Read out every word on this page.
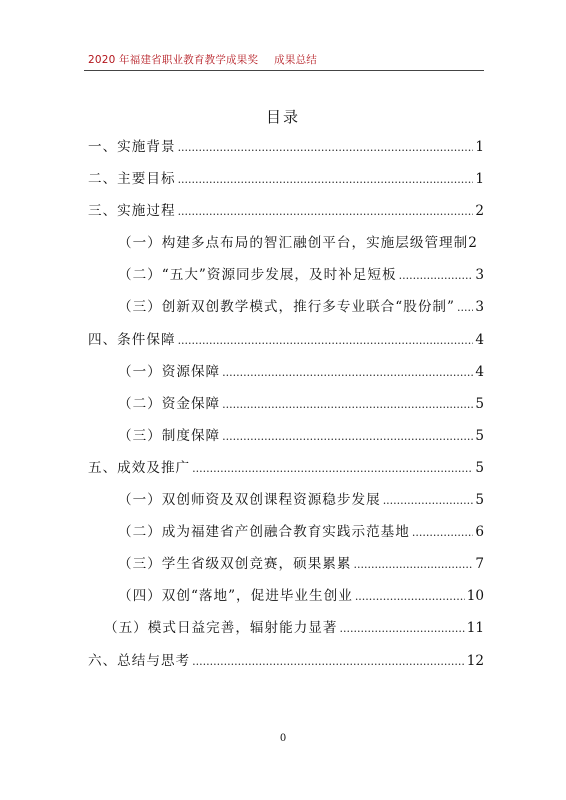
2020 年福建省职业教育教学成果奖 成果总结
目录
一、实施背景 .....	1
二、主要目标 .....	1
三、实施过程 .....	2
（一）构建多点布局的智汇融创平台，实施层级管理制 2
（二）“五大”资源同步发展，及时补足短板 .....	3
（三）创新双创教学模式，推行多专业联合“股份制” ..... 3
四、条件保障 .....	4
（一）资源保障 .....	4
（二）资金保障 .....	5
（三）制度保障 .....	5
五、成效及推广 .....	5
（一）双创师资及双创课程资源稳步发展 .....	5
（二）成为福建省产创融合教育实践示范基地 .....	6
（三）学生省级双创竞赛，硕果累累 .....	7
（四）双创“落地”，促进毕业生创业 .....	10
（五）模式日益完善，辐射能力显著 .....	11
六、总结与思考 .....	12
0
